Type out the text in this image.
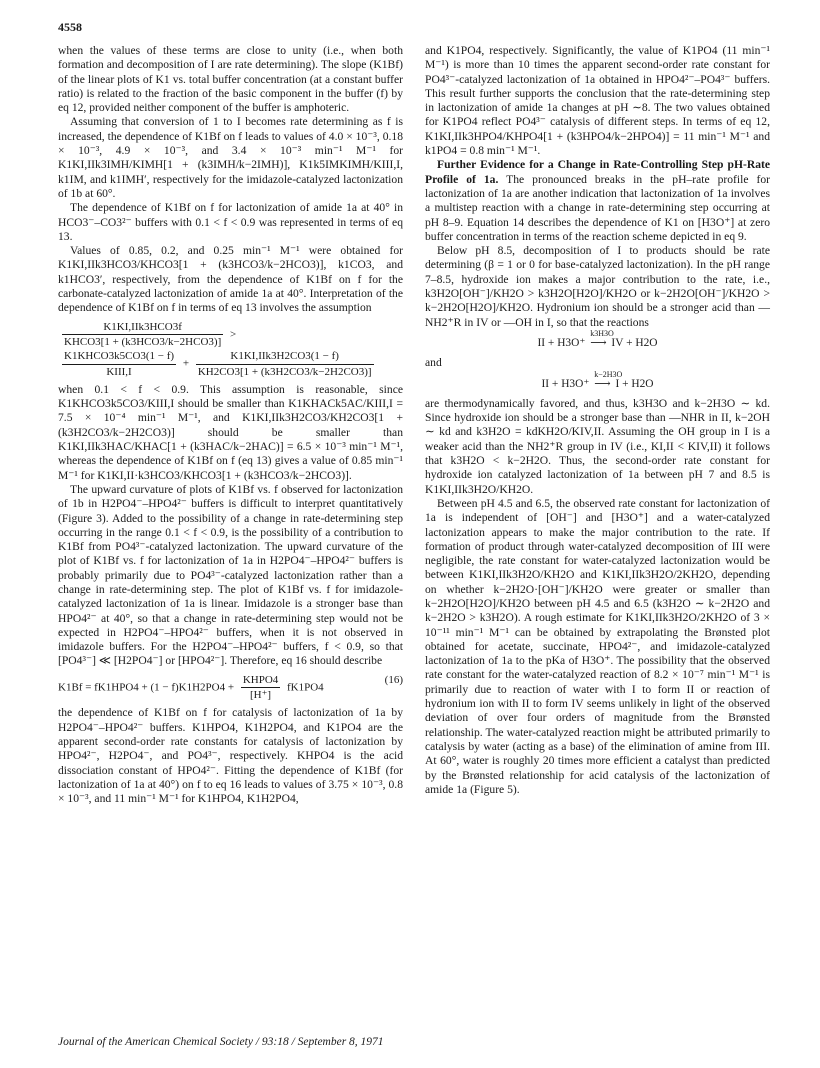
4558

when the values of these terms are close to unity (i.e., when both formation and decomposition of I are rate determining). The slope (K1Bf) of the linear plots of K1 vs. total buffer concentration (at a constant buffer ratio) is related to the fraction of the basic component in the buffer (f) by eq 12, provided neither component of the buffer is amphoteric.

Assuming that conversion of 1 to I becomes rate determining as f is increased, the dependence of K1Bf on f leads to values of 4.0 × 10⁻³, 0.18 × 10⁻³, 4.9 × 10⁻³, and 3.4 × 10⁻³ min⁻¹ M⁻¹ for K1KI,IIk3IMH/KIMH[1 + (k3IMH/k−2IMH)], K1k5IMKIMH/KIII,I, k1IM, and k1IMH′, respectively for the imidazole-catalyzed lactonization of 1b at 60°.

The dependence of K1Bf on f for lactonization of amide 1a at 40° in HCO3⁻–CO3²⁻ buffers with 0.1 < f < 0.9 was represented in terms of eq 13.

Values of 0.85, 0.2, and 0.25 min⁻¹ M⁻¹ were obtained for K1KI,IIk3HCO3/KHCO3[1 + (k3HCO3/k−2HCO3)], k1CO3, and k1HCO3′, respectively, from the dependence of K1Bf on f for the carbonate-catalyzed lactonization of amide 1a at 40°. Interpretation of the dependence of K1Bf on f in terms of eq 13 involves the assumption

$\frac{\text{K1KI,IIk3HCO3f}}{\text{KHCO3[1 + (k3HCO3/k−2HCO3)]}}$ >
$\frac{\text{K1KHCO3k5CO3(1 − f)}}{\text{KIII,I}} + \frac{\text{K1KI,IIk3H2CO3(1 − f)}}{KH2CO3[1 + (k3H2CO3/k-2H2CO3)]}$

when 0.1 < f < 0.9. This assumption is reasonable, since K1KHCO3k5CO3/KIII,I should be smaller than K1KHACk5AC/KIII,I = 7.5 × 10⁻⁴ min⁻¹ M⁻¹, and K1KI,IIk3H2CO3/KH2CO3[1 + (k3H2CO3/k−2H2CO3)] should be smaller than K1KI,IIk3HAC/KHAC[1 + (k3HAC/k−2HAC)] = 6.5 × 10⁻³ min⁻¹ M⁻¹, whereas the dependence of K1Bf on f (eq 13) gives a value of 0.85 min⁻¹ M⁻¹ for K1KI,II·k3HCO3/KHCO3[1 + (k3HCO3/k−2HCO3)].

The upward curvature of plots of K1Bf vs. f observed for lactonization of 1b in H2PO4⁻–HPO4²⁻ buffers is difficult to interpret quantitatively (Figure 3). Added to the possibility of a change in rate-determining step occurring in the range 0.1 < f < 0.9, is the possibility of a contribution to K1Bf from PO4³⁻-catalyzed lactonization. The upward curvature of the plot of K1Bf vs. f for lactonization of 1a in H2PO4⁻–HPO4²⁻ buffers is probably primarily due to PO4³⁻-catalyzed lactonization rather than a change in rate-determining step. The plot of K1Bf vs. f for imidazole-catalyzed lactonization of 1a is linear. Imidazole is a stronger base than HPO4²⁻ at 40°, so that a change in rate-determining step would not be expected in H2PO4⁻–HPO4²⁻ buffers, when it is not observed in imidazole buffers. For the H2PO4⁻–HPO4²⁻ buffers, f < 0.9, so that [PO4³⁻] ≪ [H2PO4⁻] or [HPO4²⁻]. Therefore, eq 16 should describe

$K1Bf = fK1HPO4 + (1 - f)K1H2PO4 + \frac{\text{KHPO4}}{[H^+]} fK1PO4$
(16)

the dependence of K1Bf on f for catalysis of lactonization of 1a by H2PO4⁻–HPO4²⁻ buffers. K1HPO4, K1H2PO4, and K1PO4 are the apparent second-order rate constants for catalysis of lactonization by HPO4²⁻, H2PO4⁻, and PO4³⁻, respectively. KHPO4 is the acid dissociation constant of HPO4²⁻. Fitting the dependence of K1Bf (for lactonization of 1a at 40°) on f to eq 16 leads to values of 3.75 × 10⁻³, 0.8 × 10⁻³, and 11 min⁻¹ M⁻¹ for K1HPO4, K1H2PO4,

and K1PO4, respectively. Significantly, the value of K1PO4 (11 min⁻¹ M⁻¹) is more than 10 times the apparent second-order rate constant for PO4³⁻-catalyzed lactonization of 1a obtained in HPO4²⁻–PO4³⁻ buffers. This result further supports the conclusion that the rate-determining step in lactonization of amide 1a changes at pH ∼8. The two values obtained for K1PO4 reflect PO4³⁻ catalysis of different steps. In terms of eq 12, K1KI,IIk3HPO4/KHPO4[1 + (k3HPO4/k−2HPO4)] = 11 min⁻¹ M⁻¹ and k1PO4 = 0.8 min⁻¹ M⁻¹.

Further Evidence for a Change in Rate-Controlling Step pH-Rate Profile of 1a. The pronounced breaks in the pH–rate profile for lactonization of 1a are another indication that lactonization of 1a involves a multistep reaction with a change in rate-determining step occurring at pH 8–9. Equation 14 describes the dependence of K1 on [H3O⁺] at zero buffer concentration in terms of the reaction scheme depicted in eq 9.

Below pH 8.5, decomposition of I to products should be rate determining (β = 1 or 0 for base-catalyzed lactonization). In the pH range 7–8.5, hydroxide ion makes a major contribution to the rate, i.e., k3H2O[OH⁻]/KH2O > k3H2O[H2O]/KH2O or k−2H2O[OH⁻]/KH2O > k−2H2O[H2O]/KH2O. Hydronium ion should be a stronger acid than —NH2⁺R in IV or —OH in I, so that the reactions

II + H3O⁺
k3H3O
⟶ IV + H2O

and

II + H3O⁺
k−2H3O
⟶ I + H2O

are thermodynamically favored, and thus, k3H3O and k−2H3O ∼ kd. Since hydroxide ion should be a stronger base than —NHR in II, k−2OH ∼ kd and k3H2O = kdKH2O/KIV,II. Assuming the OH group in I is a weaker acid than the NH2⁺R group in IV (i.e., KI,II < KIV,II) it follows that k3H2O < k−2H2O. Thus, the second-order rate constant for hydroxide ion catalyzed lactonization of 1a between pH 7 and 8.5 is K1KI,IIk3H2O/KH2O.

Between pH 4.5 and 6.5, the observed rate constant for lactonization of 1a is independent of [OH⁻] and [H3O⁺] and a water-catalyzed lactonization appears to make the major contribution to the rate. If formation of product through water-catalyzed decomposition of III were negligible, the rate constant for water-catalyzed lactonization would be between K1KI,IIk3H2O/KH2O and K1KI,IIk3H2O/2KH2O, depending on whether k−2H2O·[OH⁻]/KH2O were greater or smaller than k−2H2O[H2O]/KH2O between pH 4.5 and 6.5 (k3H2O ∼ k−2H2O and k−2H2O > k3H2O). A rough estimate for K1KI,IIk3H2O/2KH2O of 3 × 10⁻¹¹ min⁻¹ M⁻¹ can be obtained by extrapolating the Brønsted plot obtained for acetate, succinate, HPO4²⁻, and imidazole-catalyzed lactonization of 1a to the pKa of H3O⁺. The possibility that the observed rate constant for the water-catalyzed reaction of 8.2 × 10⁻⁷ min⁻¹ M⁻¹ is primarily due to reaction of water with I to form II or reaction of hydronium ion with II to form IV seems unlikely in light of the observed deviation of over four orders of magnitude from the Brønsted relationship. The water-catalyzed reaction might be attributed primarily to catalysis by water (acting as a base) of the elimination of amine from III. At 60°, water is roughly 20 times more efficient a catalyst than predicted by the Brønsted relationship for acid catalysis of the lactonization of amide 1a (Figure 5).

Journal of the American Chemical Society / 93:18 / September 8, 1971
